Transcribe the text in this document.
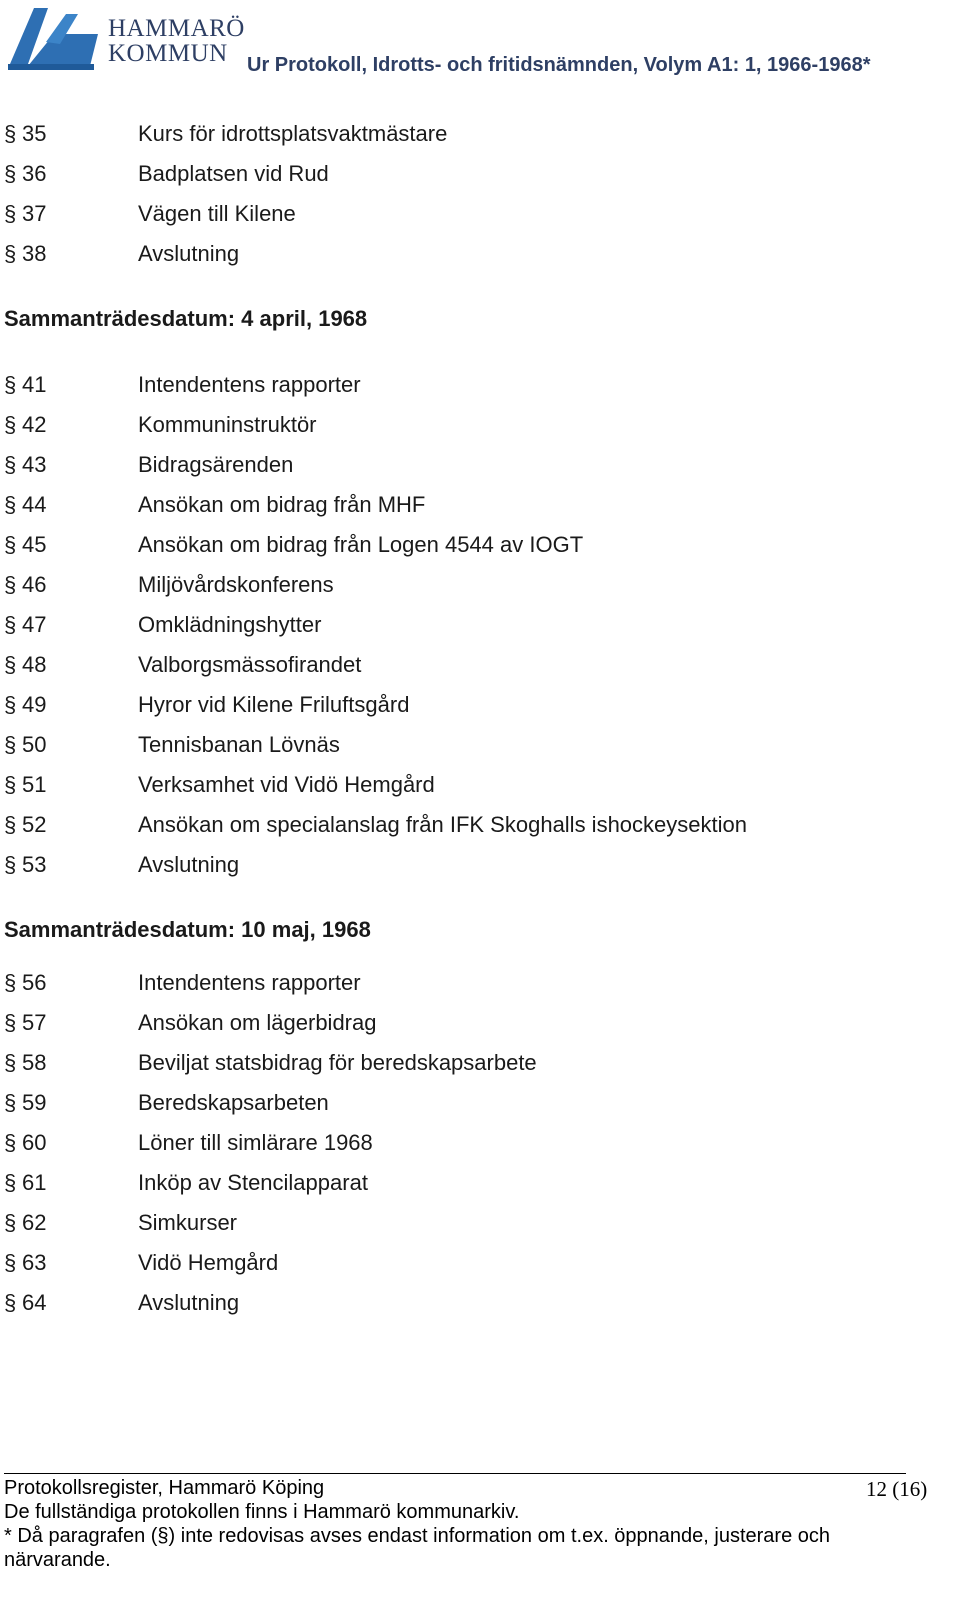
HAMMARÖ
KOMMUN Ur Protokoll, Idrotts- och fritidsnämnden, Volym A1: 1, 1966-1968*
§ 35	Kurs för idrottsplatsvaktmästare
§ 36	Badplatsen vid Rud
§ 37	Vägen till Kilene
§ 38	Avslutning
Sammanträdesdatum: 4 april, 1968
§ 41	Intendentens rapporter
§ 42	Kommuninstruktör
§ 43	Bidragsärenden
§ 44	Ansökan om bidrag från MHF
§ 45	Ansökan om bidrag från Logen 4544 av IOGT
§ 46	Miljövårdskonferens
§ 47	Omklädningshytter
§ 48	Valborgsmässofirandet
§ 49	Hyror vid Kilene Friluftsgård
§ 50	Tennisbanan Lövnäs
§ 51	Verksamhet vid Vidö Hemgård
§ 52	Ansökan om specialanslag från IFK Skoghalls ishockeysektion
§ 53	Avslutning
Sammanträdesdatum: 10 maj, 1968
§ 56	Intendentens rapporter
§ 57	Ansökan om lägerbidrag
§ 58	Beviljat statsbidrag för beredskapsarbete
§ 59	Beredskapsarbeten
§ 60	Löner till simlärare 1968
§ 61	Inköp av Stencilapparat
§ 62	Simkurser
§ 63	Vidö Hemgård
§ 64	Avslutning
Protokollsregister, Hammarö Köping	12 (16)
De fullständiga protokollen finns i Hammarö kommunarkiv.
* Då paragrafen (§) inte redovisas avses endast information om t.ex. öppnande, justerare och
närvarande.
